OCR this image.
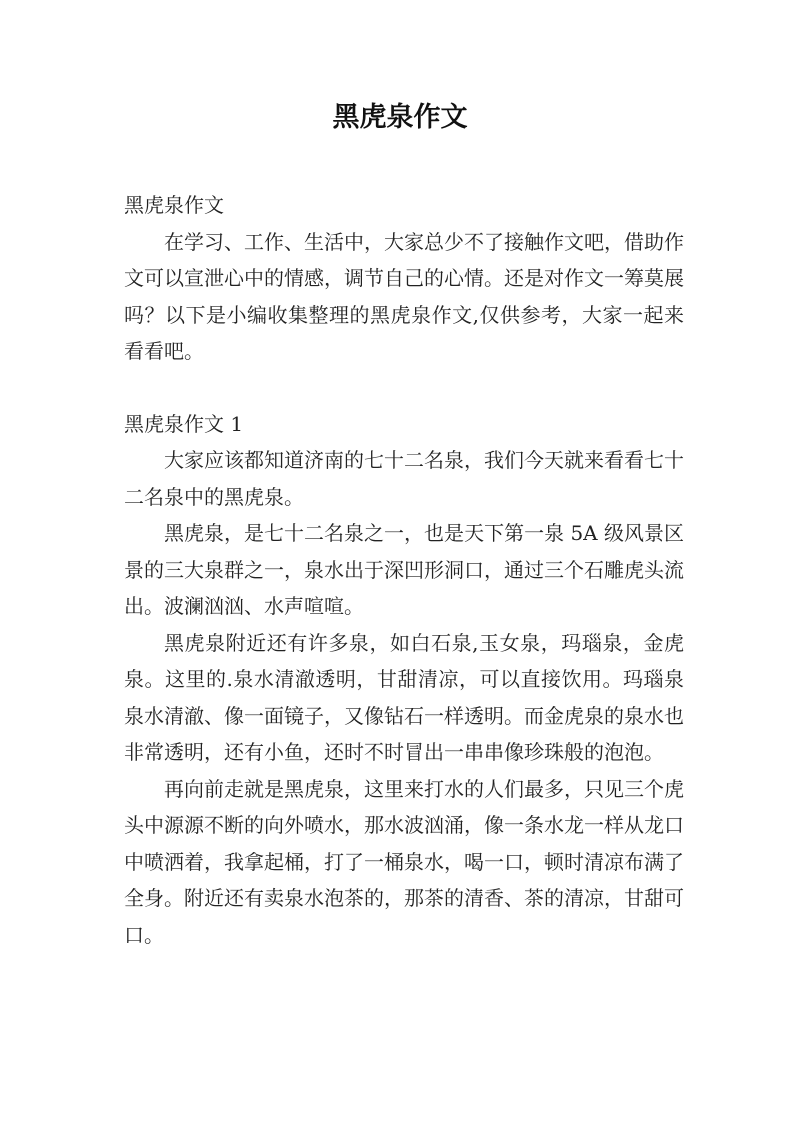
黑虎泉作文

黑虎泉作文

在学习、工作、生活中，大家总少不了接触作文吧，借助作文可以宣泄心中的情感，调节自己的心情。还是对作文一筹莫展吗？以下是小编收集整理的黑虎泉作文,仅供参考，大家一起来看看吧。

黑虎泉作文 1

大家应该都知道济南的七十二名泉，我们今天就来看看七十二名泉中的黑虎泉。

黑虎泉，是七十二名泉之一，也是天下第一泉 5A 级风景区景的三大泉群之一，泉水出于深凹形洞口，通过三个石雕虎头流出。波澜汹汹、水声喧喧。

黑虎泉附近还有许多泉，如白石泉,玉女泉，玛瑙泉，金虎泉。这里的.泉水清澈透明，甘甜清凉，可以直接饮用。玛瑙泉泉水清澈、像一面镜子，又像钻石一样透明。而金虎泉的泉水也非常透明，还有小鱼，还时不时冒出一串串像珍珠般的泡泡。

再向前走就是黑虎泉，这里来打水的人们最多，只见三个虎头中源源不断的向外喷水，那水波汹涌，像一条水龙一样从龙口中喷洒着，我拿起桶，打了一桶泉水，喝一口，顿时清凉布满了全身。附近还有卖泉水泡茶的，那茶的清香、茶的清凉，甘甜可口。
